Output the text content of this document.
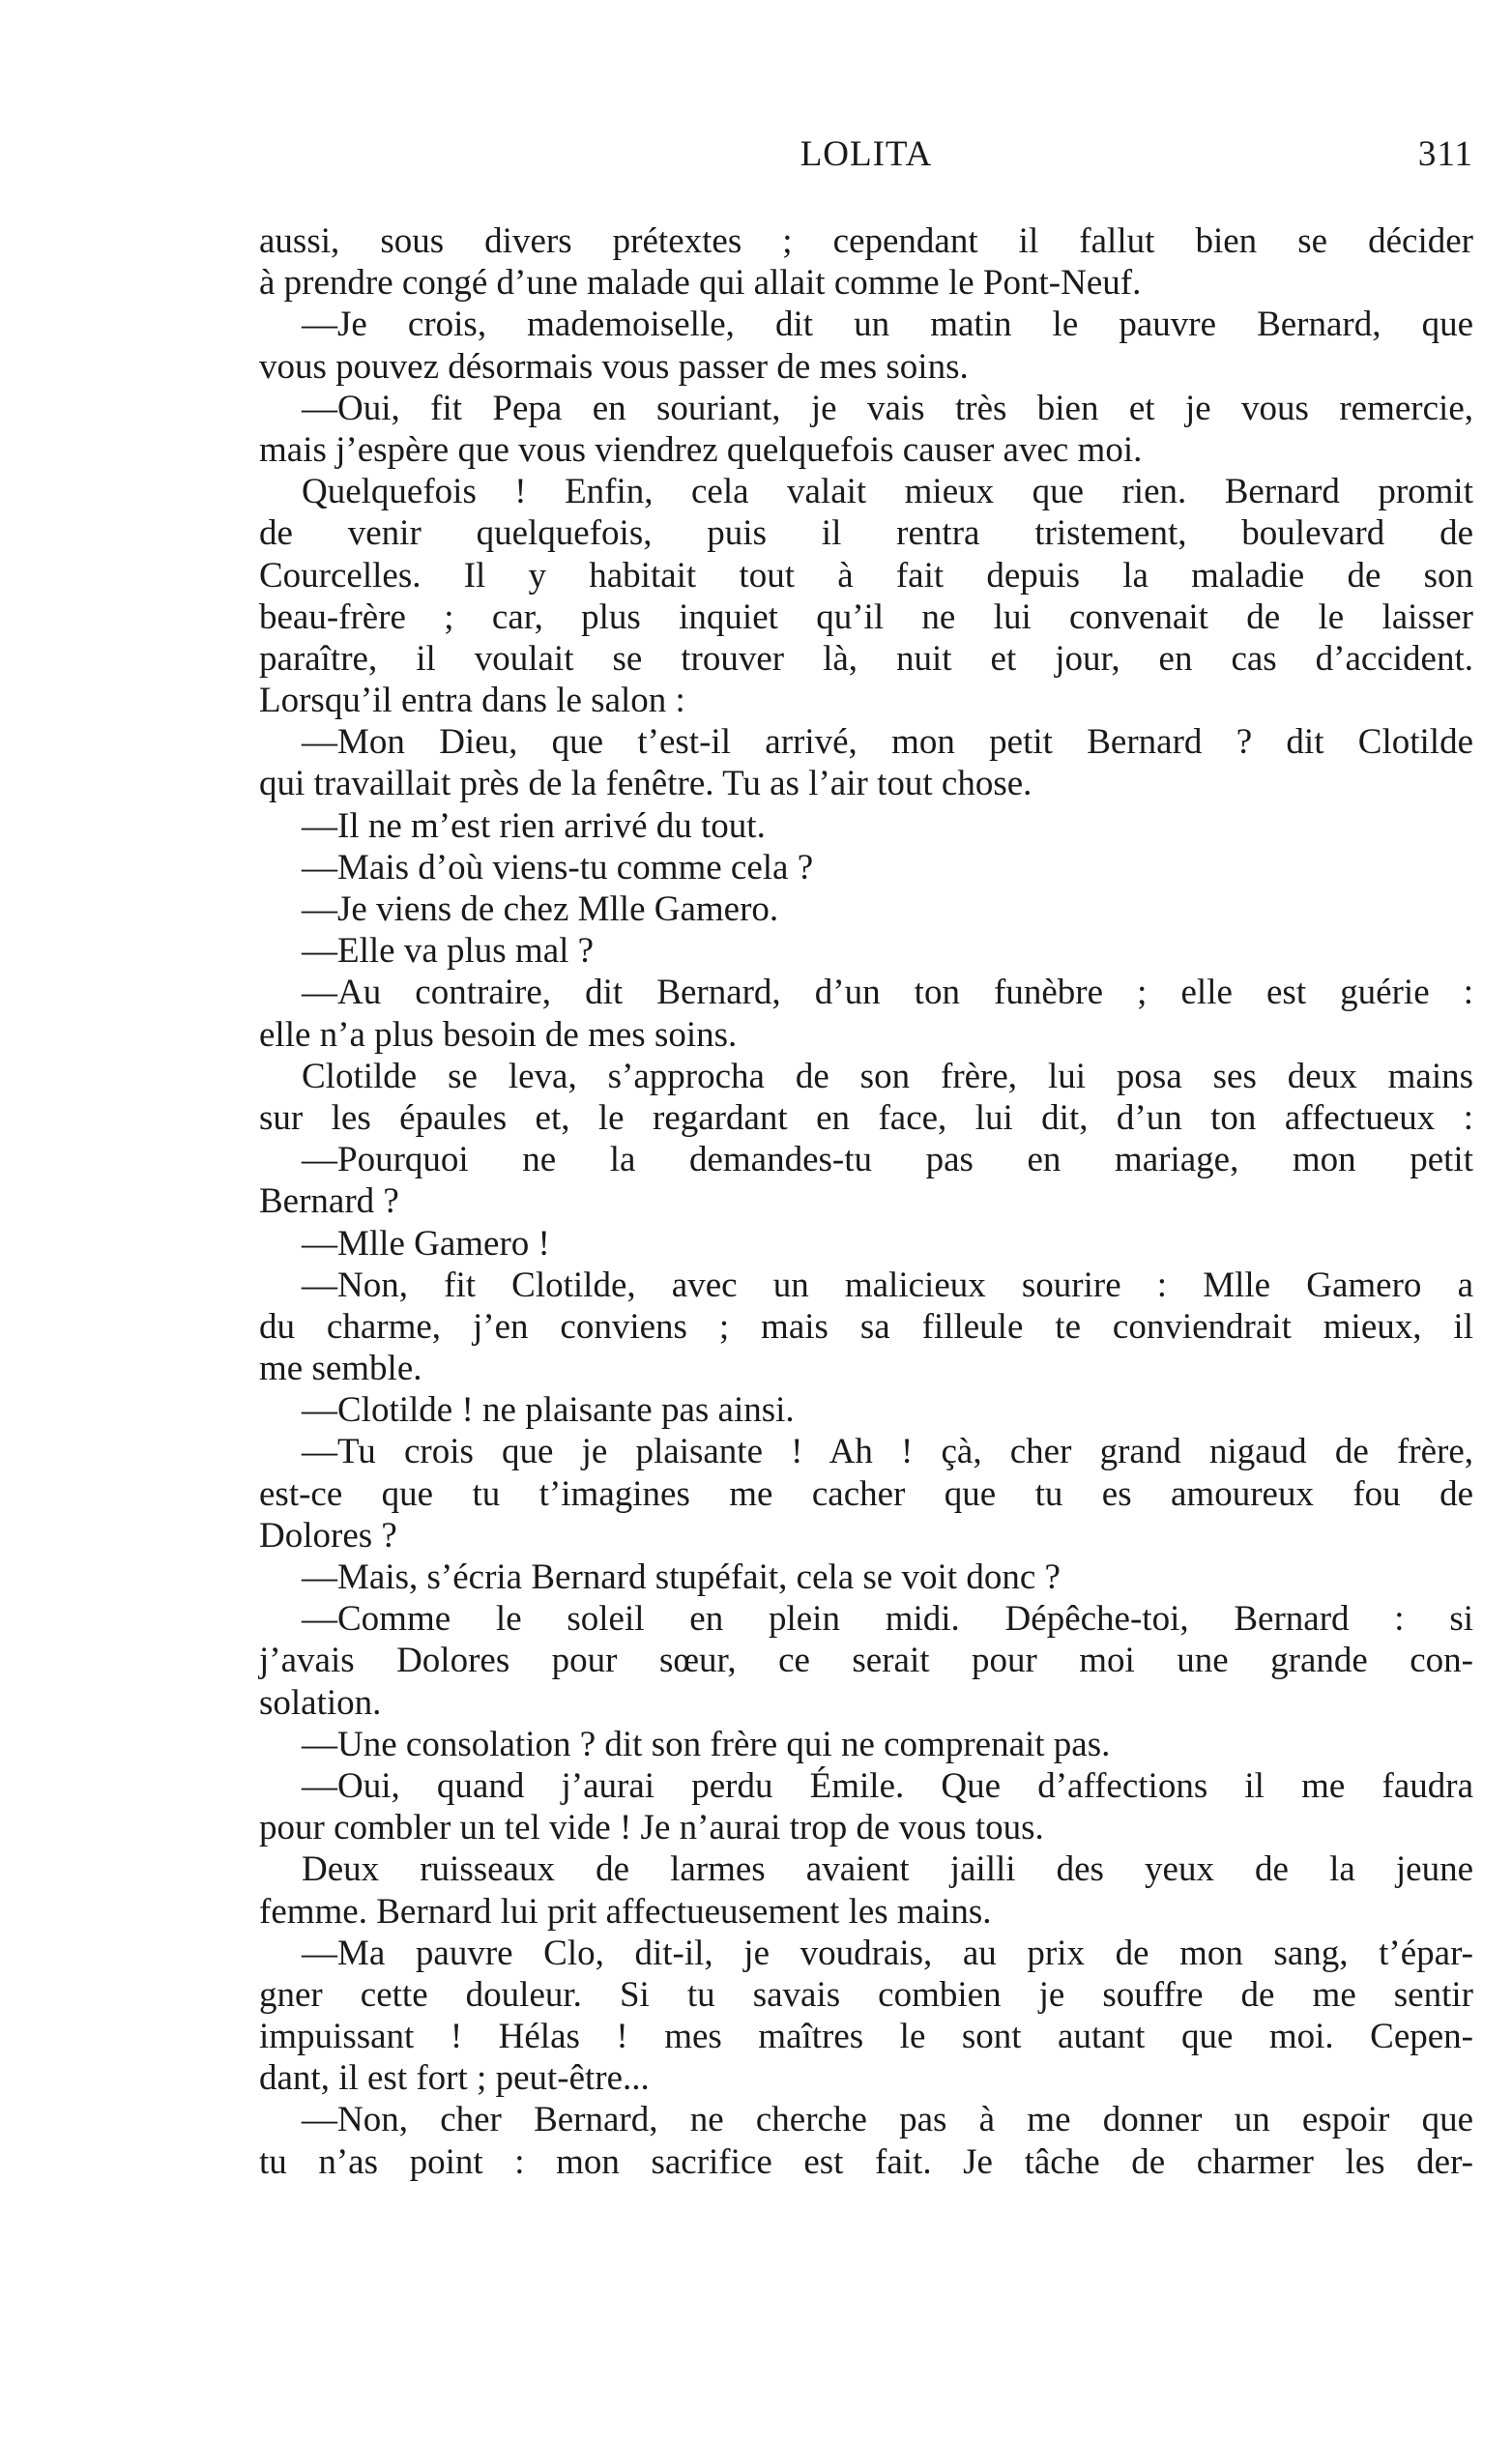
LOLITA	311
aussi, sous divers prétextes ; cependant il fallut bien se décider
à prendre congé d’une malade qui allait comme le Pont-Neuf.
—Je crois, mademoiselle, dit un matin le pauvre Bernard, que
vous pouvez désormais vous passer de mes soins.
—Oui, fit Pepa en souriant, je vais très bien et je vous remercie,
mais j’espère que vous viendrez quelquefois causer avec moi.
Quelquefois ! Enfin, cela valait mieux que rien. Bernard promit
de venir quelquefois, puis il rentra tristement, boulevard de
Courcelles. Il y habitait tout à fait depuis la maladie de son
beau-frère ; car, plus inquiet qu’il ne lui convenait de le laisser
paraître, il voulait se trouver là, nuit et jour, en cas d’accident.
Lorsqu’il entra dans le salon :
—Mon Dieu, que t’est-il arrivé, mon petit Bernard ? dit Clotilde
qui travaillait près de la fenêtre. Tu as l’air tout chose.
—Il ne m’est rien arrivé du tout.
—Mais d’où viens-tu comme cela ?
—Je viens de chez Mlle Gamero.
—Elle va plus mal ?
—Au contraire, dit Bernard, d’un ton funèbre ; elle est guérie :
elle n’a plus besoin de mes soins.
Clotilde se leva, s’approcha de son frère, lui posa ses deux mains
sur les épaules et, le regardant en face, lui dit, d’un ton affectueux :
—Pourquoi ne la demandes-tu pas en mariage, mon petit
Bernard ?
—Mlle Gamero !
—Non, fit Clotilde, avec un malicieux sourire : Mlle Gamero a
du charme, j’en conviens ; mais sa filleule te conviendrait mieux, il
me semble.
—Clotilde ! ne plaisante pas ainsi.
—Tu crois que je plaisante ! Ah ! çà, cher grand nigaud de frère,
est-ce que tu t’imagines me cacher que tu es amoureux fou de
Dolores ?
—Mais, s’écria Bernard stupéfait, cela se voit donc ?
—Comme le soleil en plein midi. Dépêche-toi, Bernard : si
j’avais Dolores pour sœur, ce serait pour moi une grande con-
solation.
—Une consolation ? dit son frère qui ne comprenait pas.
—Oui, quand j’aurai perdu Émile. Que d’affections il me faudra
pour combler un tel vide ! Je n’aurai trop de vous tous.
Deux ruisseaux de larmes avaient jailli des yeux de la jeune
femme. Bernard lui prit affectueusement les mains.
—Ma pauvre Clo, dit-il, je voudrais, au prix de mon sang, t’épar-
gner cette douleur. Si tu savais combien je souffre de me sentir
impuissant ! Hélas ! mes maîtres le sont autant que moi. Cepen-
dant, il est fort ; peut-être...
—Non, cher Bernard, ne cherche pas à me donner un espoir que
tu n’as point : mon sacrifice est fait. Je tâche de charmer les der-
